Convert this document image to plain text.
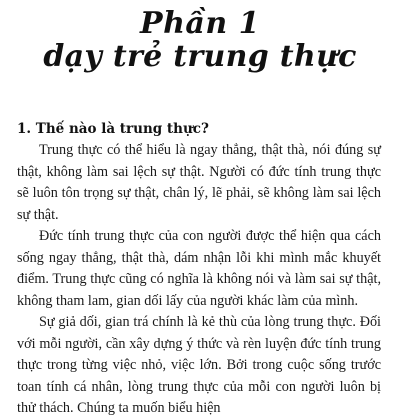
Phần 1
dạy trẻ trung thực
1. Thế nào là trung thực?

Trung thực có thể hiểu là ngay thẳng, thật thà, nói đúng sự thật, không làm sai lệch sự thật. Người có đức tính trung thực sẽ luôn tôn trọng sự thật, chân lý, lẽ phải, sẽ không làm sai lệch sự thật.

Đức tính trung thực của con người được thể hiện qua cách sống ngay thẳng, thật thà, dám nhận lỗi khi mình mắc khuyết điểm. Trung thực cũng có nghĩa là không nói và làm sai sự thật, không tham lam, gian dối lấy của người khác làm của mình.

Sự giả dối, gian trá chính là kẻ thù của lòng trung thực. Đối với mỗi người, cần xây dựng ý thức và rèn luyện đức tính trung thực trong từng việc nhỏ, việc lớn. Bởi trong cuộc sống trước toan tính cá nhân, lòng trung thực của mỗi con người luôn bị thử thách. Chúng ta muốn biểu hiện
